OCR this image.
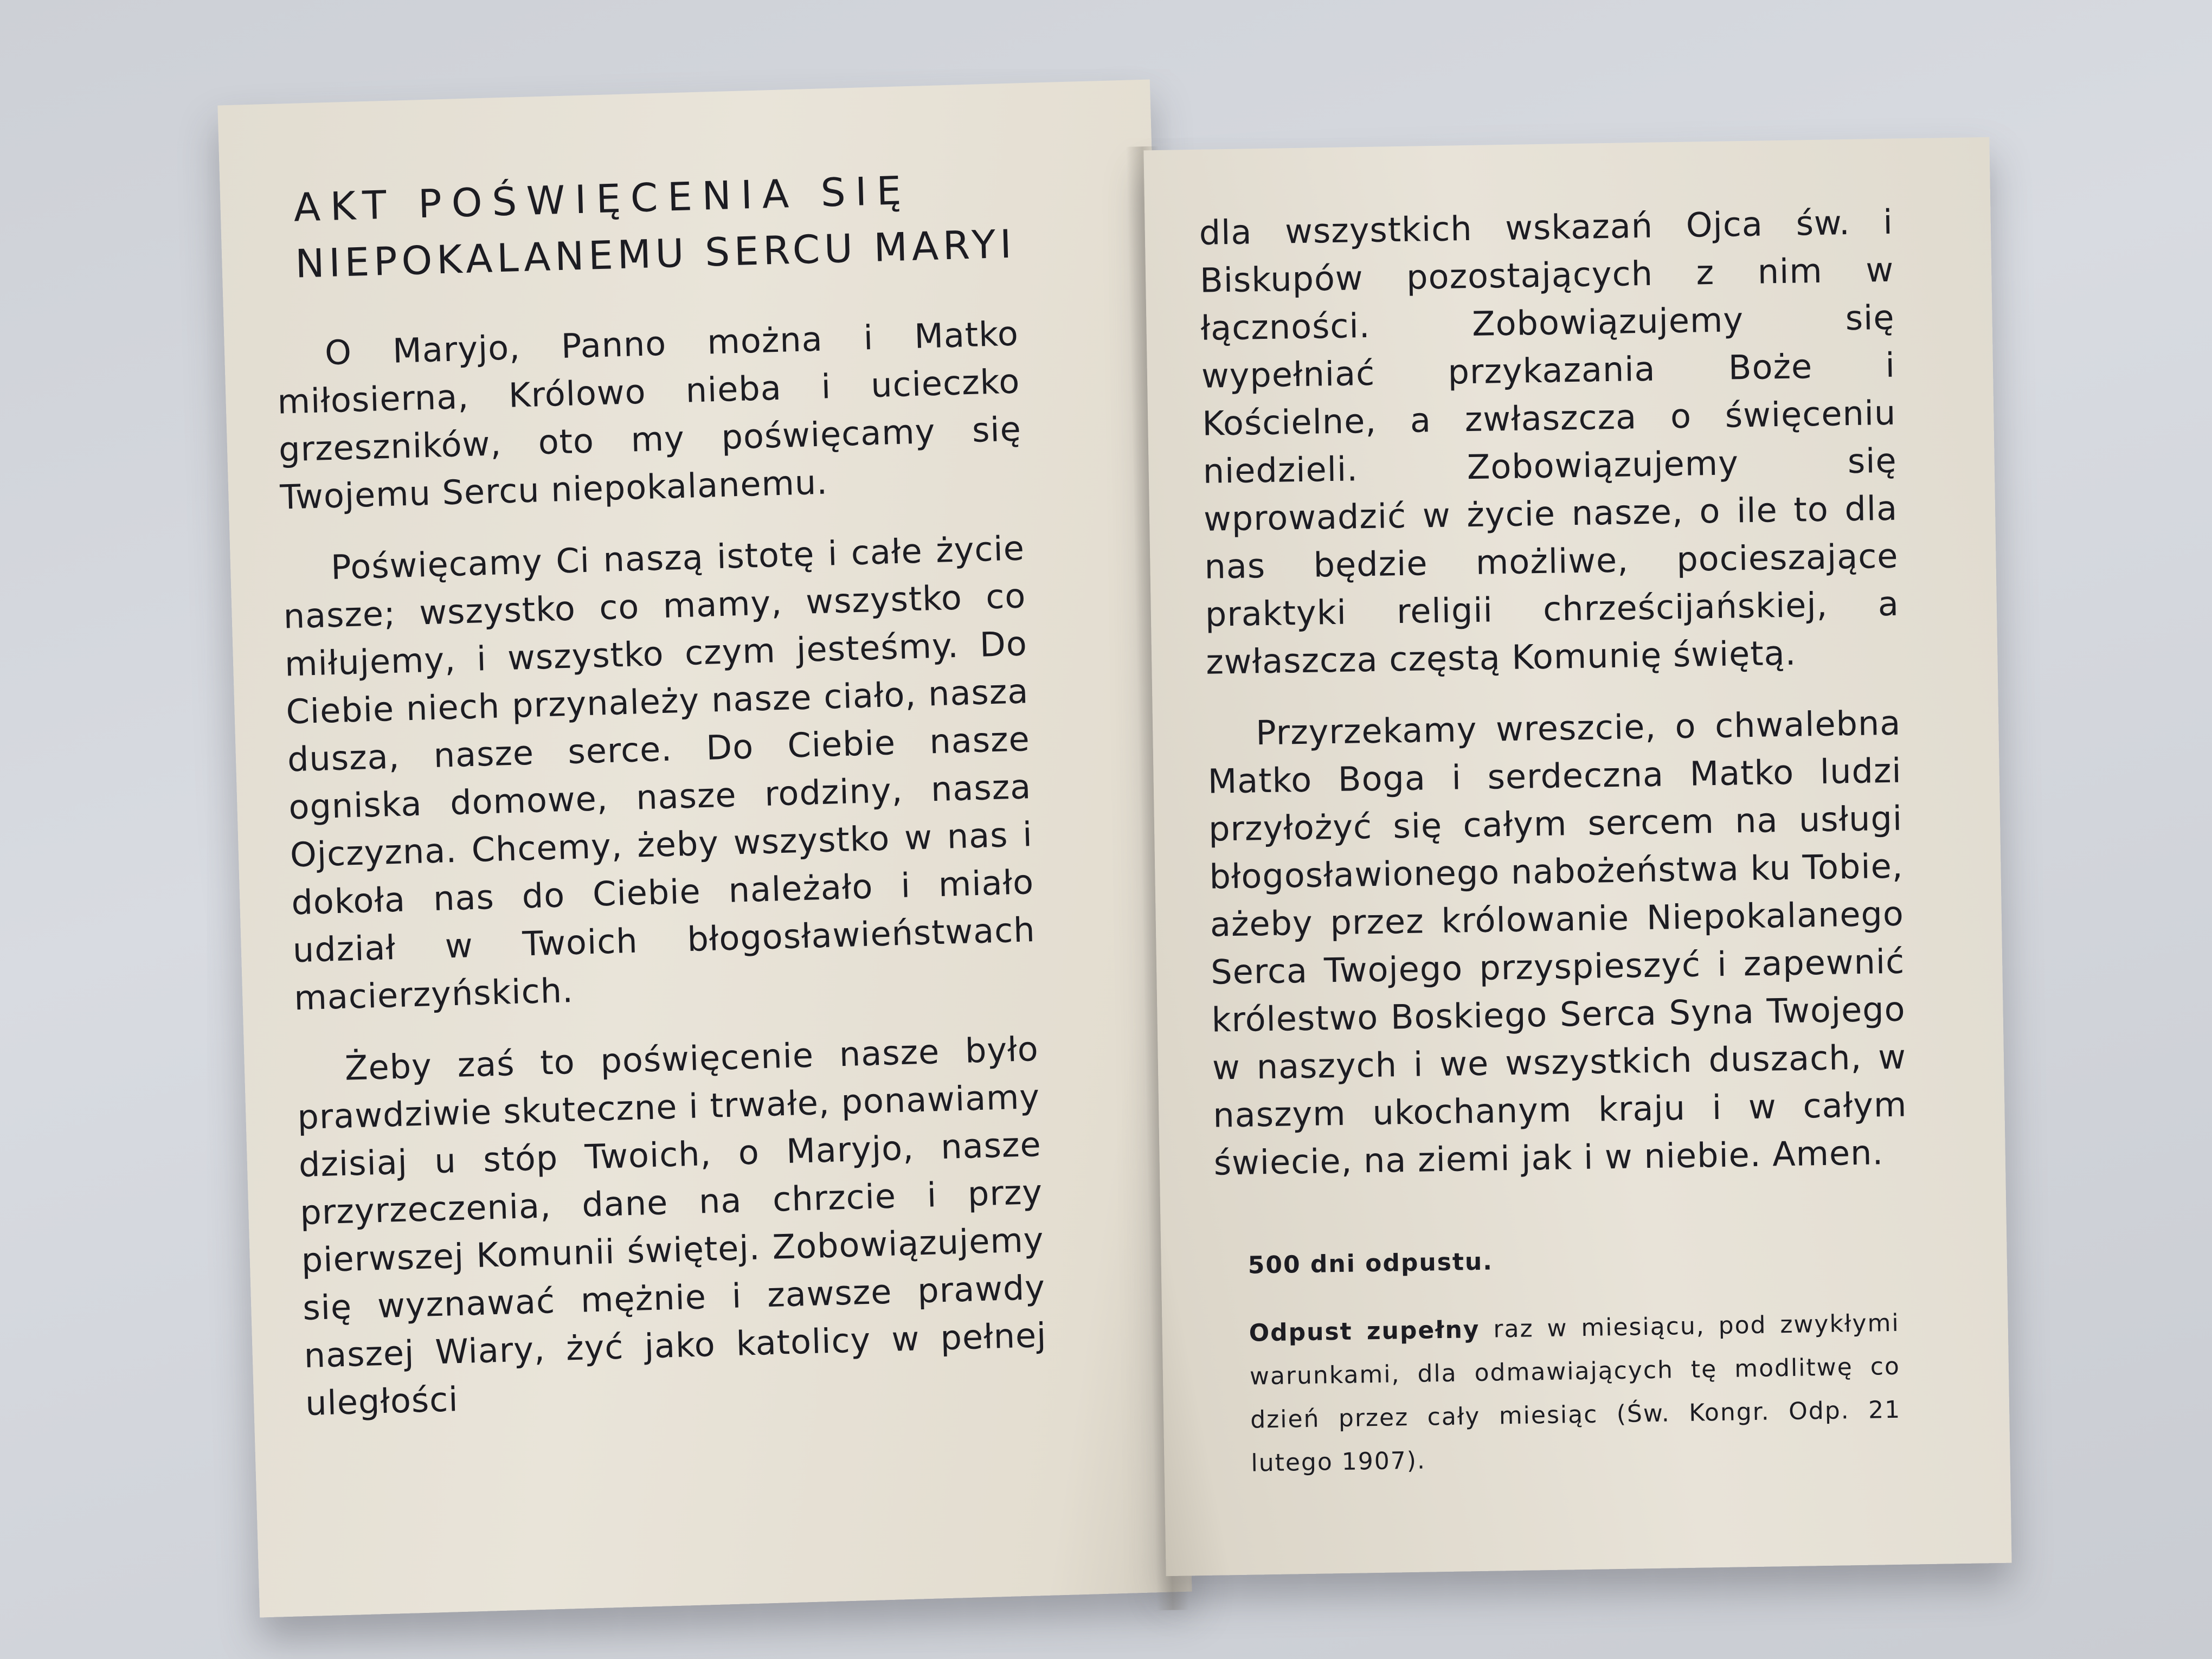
AKT POŚWIĘCENIA SIĘ
NIEPOKALANEMU SERCU MARYI

O Maryjo, Panno można i Matko miłosierna, Królowo nieba i ucieczko grzeszników, oto my poświęcamy się Twojemu Sercu niepokalanemu.

Poświęcamy Ci naszą istotę i całe życie nasze; wszystko co mamy, wszystko co miłujemy, i wszystko czym jesteśmy. Do Ciebie niech przynależy nasze ciało, nasza dusza, nasze serce. Do Ciebie nasze ogniska domowe, nasze rodziny, nasza Ojczyzna. Chcemy, żeby wszystko w nas i dokoła nas do Ciebie należało i miało udział w Twoich błogosławieństwach macierzyńskich.

Żeby zaś to poświęcenie nasze było prawdziwie skuteczne i trwałe, ponawiamy dzisiaj u stóp Twoich, o Maryjo, nasze przyrzeczenia, dane na chrzcie i przy pierwszej Komunii świętej. Zobowiązujemy się wyznawać mężnie i zawsze prawdy naszej Wiary, żyć jako katolicy w pełnej uległości

dla wszystkich wskazań Ojca św. i Biskupów pozostających z nim w łączności. Zobowiązujemy się wypełniać przykazania Boże i Kościelne, a zwłaszcza o święceniu niedzieli. Zobowiązujemy się wprowadzić w życie nasze, o ile to dla nas będzie możliwe, pocieszające praktyki religii chrześcijańskiej, a zwłaszcza częstą Komunię świętą.

Przyrzekamy wreszcie, o chwalebna Matko Boga i serdeczna Matko ludzi przyłożyć się całym sercem na usługi błogosławionego nabożeństwa ku Tobie, ażeby przez królowanie Niepokalanego Serca Twojego przyspieszyć i zapewnić królestwo Boskiego Serca Syna Twojego w naszych i we wszystkich duszach, w naszym ukochanym kraju i w całym świecie, na ziemi jak i w niebie. Amen.

500 dni odpustu.
Odpust zupełny raz w miesiącu, pod zwykłymi warunkami, dla odmawiających tę modlitwę co dzień przez cały miesiąc (Św. Kongr. Odp. 21 lutego 1907).
